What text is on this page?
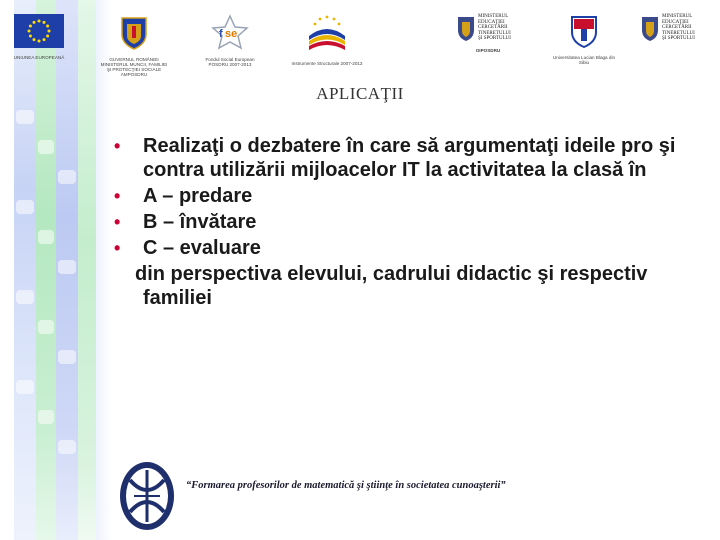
UNIUNEA EUROPEANĂ	GUVERNUL ROMÂNIEI MINISTERUL MUNCII, FAMILIEI ŞI PROTECŢIEI SOCIALE AMPOSDRU
f se
Fondul Social European POSDRU 2007-2013	Instrumente Structurale 2007-2013
MINISTERUL
EDUCAŢIEI
CERCETĂRII
TINERETULUI
ŞI SPORTULUI
OIPOSDRU
Universitatea Lucian Blaga din Sibiu
MINISTERUL
EDUCAŢIEI
CERCETĂRII
TINERETULUI
ŞI SPORTULUI
APLICAŢII
• Realizaţi o dezbatere în care să argumentaţi ideile pro şi contra utilizării mijloacelor IT la activitatea la clasă în
• A – predare
• B – învătare
• C – evaluare
din perspectiva elevului, cadrului didactic şi respectiv familiei
“Formarea profesorilor de matematică şi ştiinţe în societatea cunoaşterii”
